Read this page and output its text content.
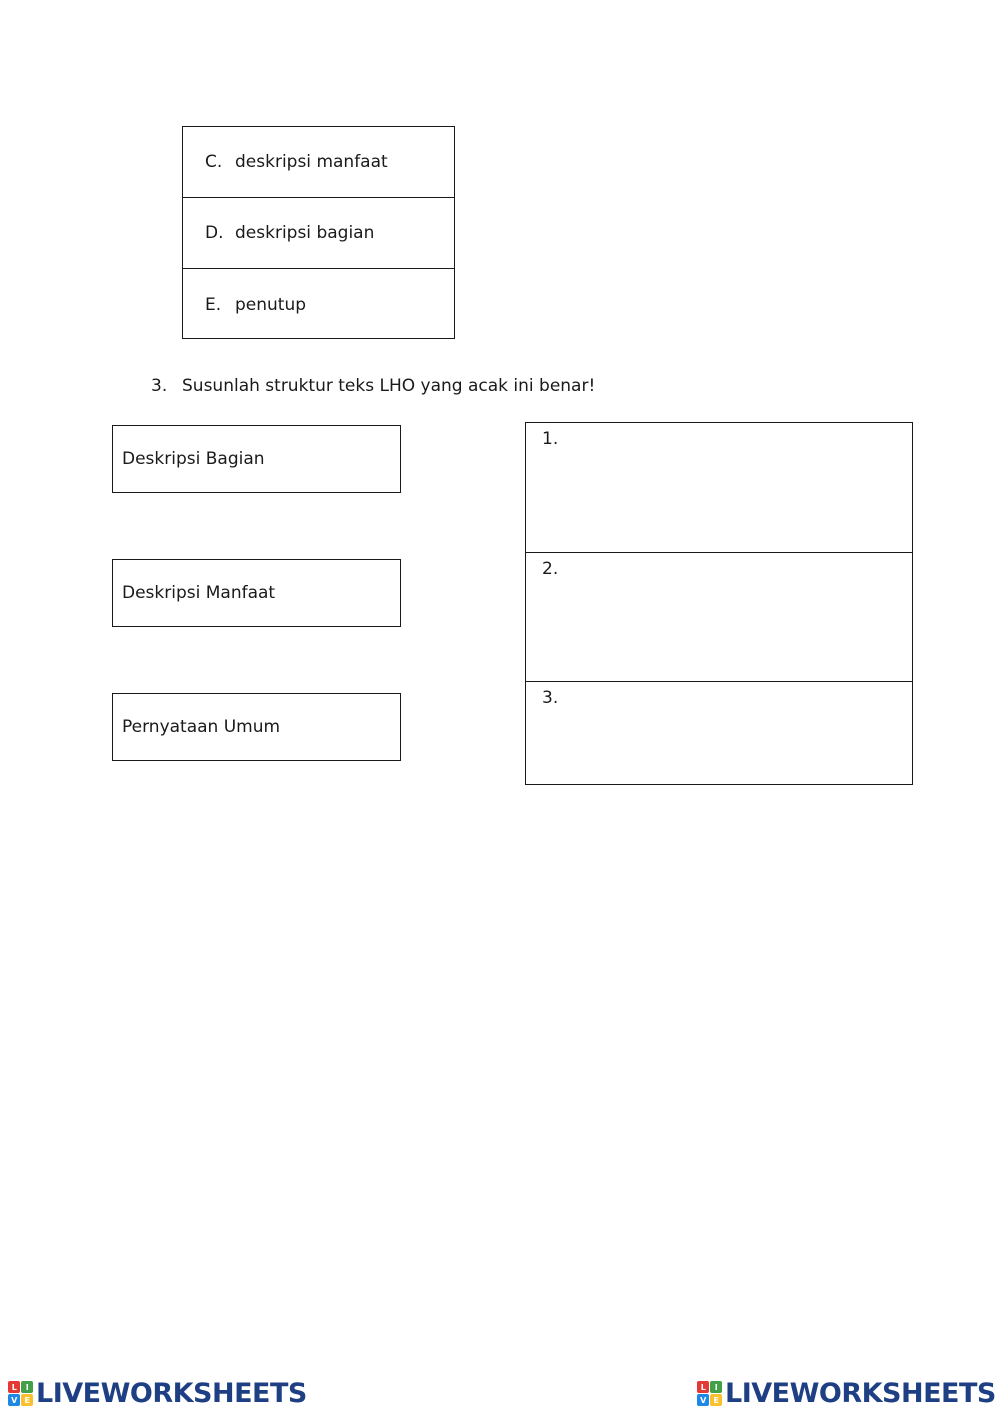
C. deskripsi manfaat
D. deskripsi bagian
E. penutup
3. Susunlah struktur teks LHO yang acak ini benar!
Deskripsi Bagian
Deskripsi Manfaat
Pernyataan Umum
1.
2.
3.
L	I
V E LIVEWORKSHEETS	L	I
V E LIVEWORKSHEETS
